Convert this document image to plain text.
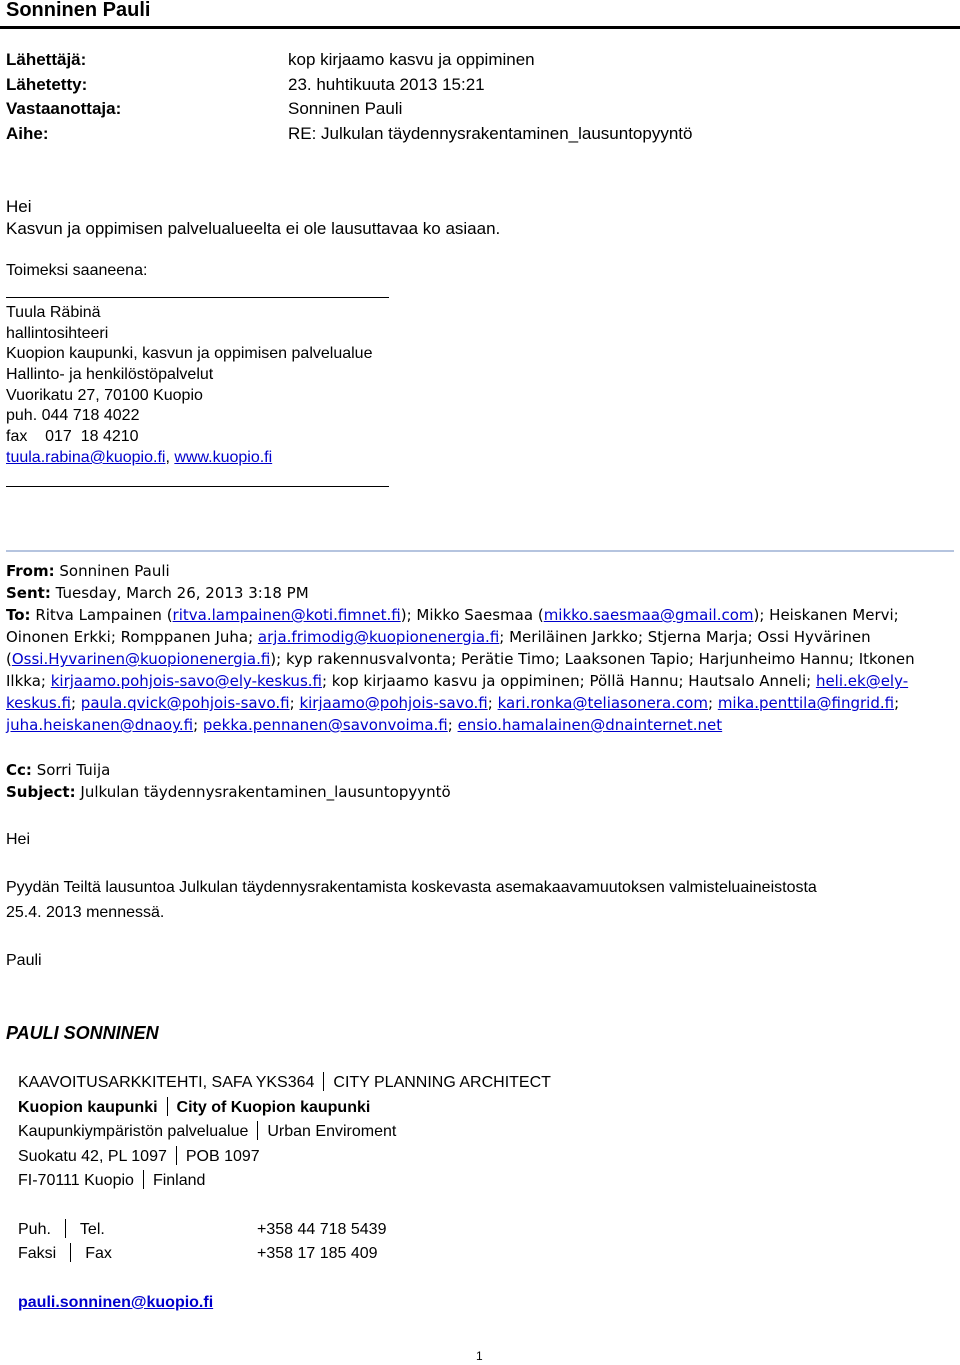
Sonninen Pauli
Lähettäjä:	kop kirjaamo kasvu ja oppiminen
Lähetetty:	23. huhtikuuta 2013 15:21
Vastaanottaja:	Sonninen Pauli
Aihe:	RE: Julkulan täydennysrakentaminen_lausuntopyyntö
Hei
Kasvun ja oppimisen palvelualueelta ei ole lausuttavaa ko asiaan.
Toimeksi saaneena:
Tuula Räbinä
hallintosihteeri
Kuopion kaupunki, kasvun ja oppimisen palvelualue
Hallinto- ja henkilöstöpalvelut
Vuorikatu 27, 70100 Kuopio
puh. 044 718 4022
fax    017  18 4210
tuula.rabina@kuopio.fi, www.kuopio.fi
From: Sonninen Pauli
Sent: Tuesday, March 26, 2013 3:18 PM
To: Ritva Lampainen (ritva.lampainen@koti.fimnet.fi); Mikko Saesmaa (mikko.saesmaa@gmail.com); Heiskanen Mervi; Oinonen Erkki; Romppanen Juha; arja.frimodig@kuopionenergia.fi; Meriläinen Jarkko; Stjerna Marja; Ossi Hyvärinen (Ossi.Hyvarinen@kuopionenergia.fi); kyp rakennusvalvonta; Perätie Timo; Laaksonen Tapio; Harjunheimo Hannu; Itkonen Ilkka; kirjaamo.pohjois-savo@ely-keskus.fi; kop kirjaamo kasvu ja oppiminen; Pöllä Hannu; Hautsalo Anneli; heli.ek@ely-keskus.fi; paula.qvick@pohjois-savo.fi; kirjaamo@pohjois-savo.fi; kari.ronka@teliasonera.com; mika.penttila@fingrid.fi; juha.heiskanen@dnaoy.fi; pekka.pennanen@savonvoima.fi; ensio.hamalainen@dnainternet.net
Cc: Sorri Tuija
Subject: Julkulan täydennysrakentaminen_lausuntopyyntö
Hei
Pyydän Teiltä lausuntoa Julkulan täydennysrakentamista koskevasta asemakaavamuutoksen valmisteluaineistosta
25.4. 2013 mennessä.
Pauli
PAULI SONNINEN
KAAVOITUSARKKITEHTI, SAFA YKS364 CITY PLANNING ARCHITECT
Kuopion kaupunki City of Kuopion kaupunki
Kaupunkiympäristön palvelualue Urban Enviroment
Suokatu 42, PL 1097 POB 1097
FI-70111 Kuopio Finland
Puh. Tel.	+358 44 718 5439
Faksi Fax	+358 17 185 409
pauli.sonninen@kuopio.fi
1
